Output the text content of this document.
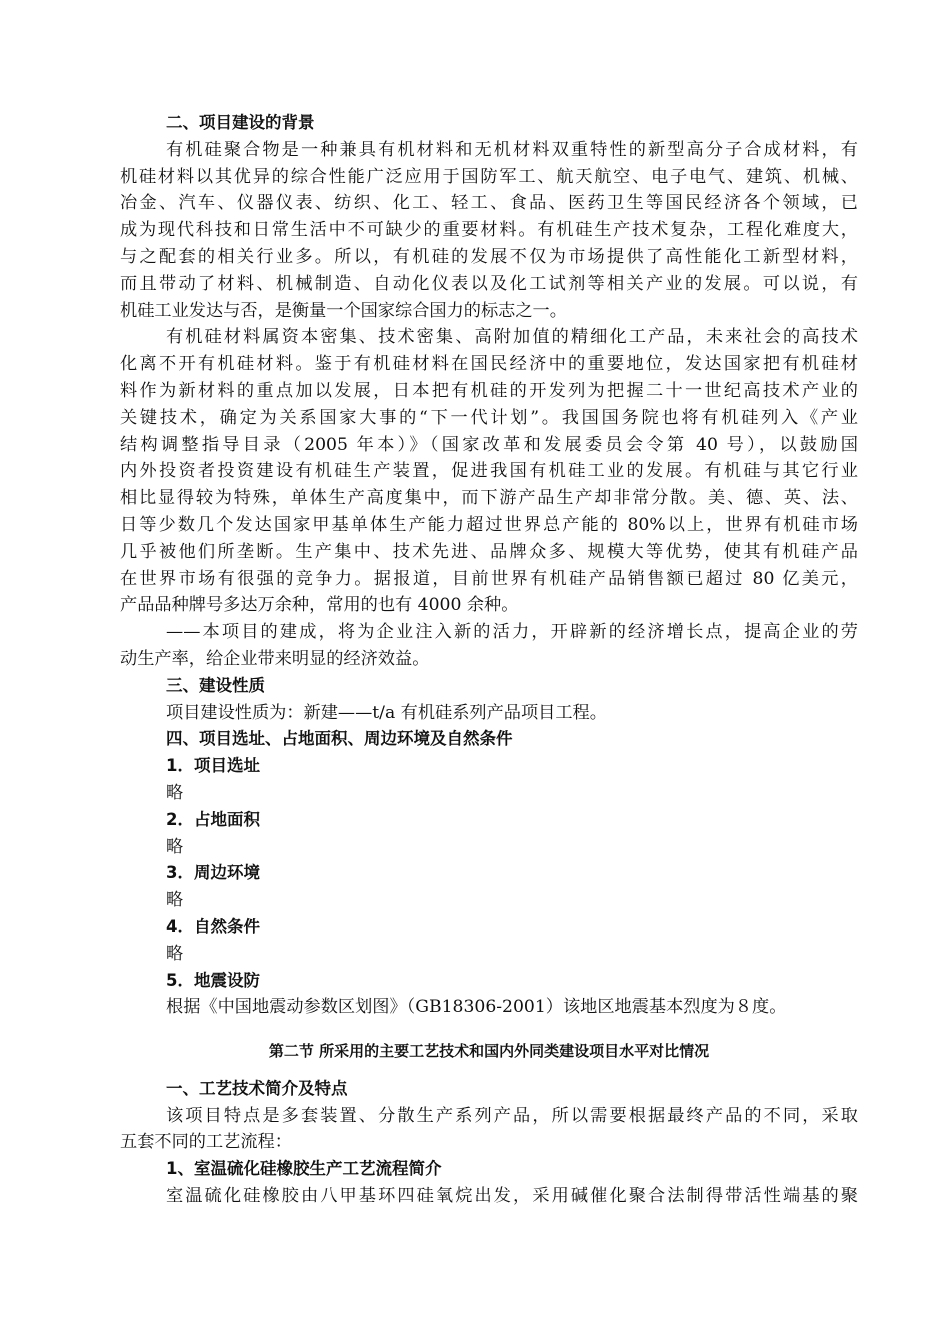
二、项目建设的背景
有机硅聚合物是一种兼具有机材料和无机材料双重特性的新型高分子合成材料，有
机硅材料以其优异的综合性能广泛应用于国防军工、航天航空、电子电气、建筑、机械、
冶金、汽车、仪器仪表、纺织、化工、轻工、食品、医药卫生等国民经济各个领域，已
成为现代科技和日常生活中不可缺少的重要材料。有机硅生产技术复杂，工程化难度大，
与之配套的相关行业多。所以，有机硅的发展不仅为市场提供了高性能化工新型材料，
而且带动了材料、机械制造、自动化仪表以及化工试剂等相关产业的发展。可以说，有
机硅工业发达与否，是衡量一个国家综合国力的标志之一。
有机硅材料属资本密集、技术密集、高附加值的精细化工产品，未来社会的高技术
化离不开有机硅材料。鉴于有机硅材料在国民经济中的重要地位，发达国家把有机硅材
料作为新材料的重点加以发展，日本把有机硅的开发列为把握二十一世纪高技术产业的
关键技术，确定为关系国家大事的“下一代计划”。我国国务院也将有机硅列入《产业
结构调整指导目录（2005 年本）》（国家改革和发展委员会令第 40 号），以鼓励国
内外投资者投资建设有机硅生产装置，促进我国有机硅工业的发展。有机硅与其它行业
相比显得较为特殊，单体生产高度集中，而下游产品生产却非常分散。美、德、英、法、
日等少数几个发达国家甲基单体生产能力超过世界总产能的 80%以上，世界有机硅市场
几乎被他们所垄断。生产集中、技术先进、品牌众多、规模大等优势，使其有机硅产品
在世界市场有很强的竞争力。据报道，目前世界有机硅产品销售额已超过 80 亿美元，
产品品种牌号多达万余种，常用的也有 4000 余种。
——本项目的建成，将为企业注入新的活力，开辟新的经济增长点，提高企业的劳
动生产率，给企业带来明显的经济效益。
三、建设性质
项目建设性质为：新建——t/a 有机硅系列产品项目工程。
四、项目选址、占地面积、周边环境及自然条件
1．项目选址
略
2．占地面积
略
3．周边环境
略
4．自然条件
略
5．地震设防
根据《中国地震动参数区划图》（GB18306-2001）该地区地震基本烈度为８度。
第二节 所采用的主要工艺技术和国内外同类建设项目水平对比情况
一、工艺技术简介及特点
该项目特点是多套装置、分散生产系列产品，所以需要根据最终产品的不同，采取
五套不同的工艺流程：
1、室温硫化硅橡胶生产工艺流程简介
室温硫化硅橡胶由八甲基环四硅氧烷出发，采用碱催化聚合法制得带活性端基的聚
